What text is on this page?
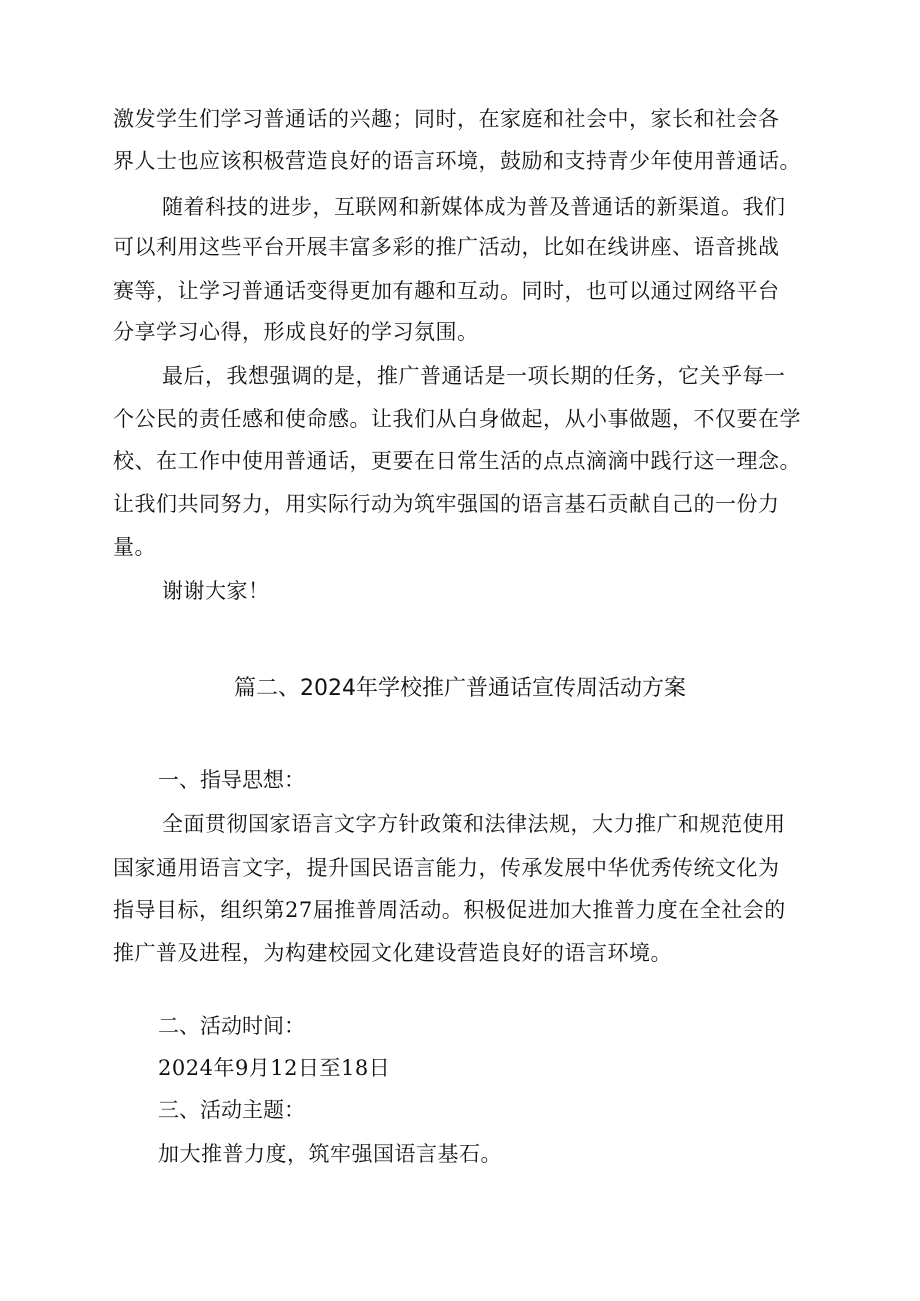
激发学生们学习普通话的兴趣；同时，在家庭和社会中，家长和社会各
界人士也应该积极营造良好的语言环境，鼓励和支持青少年使用普通话。
随着科技的进步，互联网和新媒体成为普及普通话的新渠道。我们
可以利用这些平台开展丰富多彩的推广活动，比如在线讲座、语音挑战
赛等，让学习普通话变得更加有趣和互动。同时，也可以通过网络平台
分享学习心得，形成良好的学习氛围。
最后，我想强调的是，推广普通话是一项长期的任务，它关乎每一
个公民的责任感和使命感。让我们从白身做起，从小事做题，不仅要在学
校、在工作中使用普通话，更要在日常生活的点点滴滴中践行这一理念。
让我们共同努力，用实际行动为筑牢强国的语言基石贡献自己的一份力
量。
谢谢大家！
篇二、2024年学校推广普通话宣传周活动方案
一、指导思想：
全面贯彻国家语言文字方针政策和法律法规，大力推广和规范使用
国家通用语言文字，提升国民语言能力，传承发展中华优秀传统文化为
指导目标，组织第27届推普周活动。积极促进加大推普力度在全社会的
推广普及进程，为构建校园文化建设营造良好的语言环境。
二、活动时间：
2024年9月12日至18日
三、活动主题：
加大推普力度，筑牢强国语言基石。
